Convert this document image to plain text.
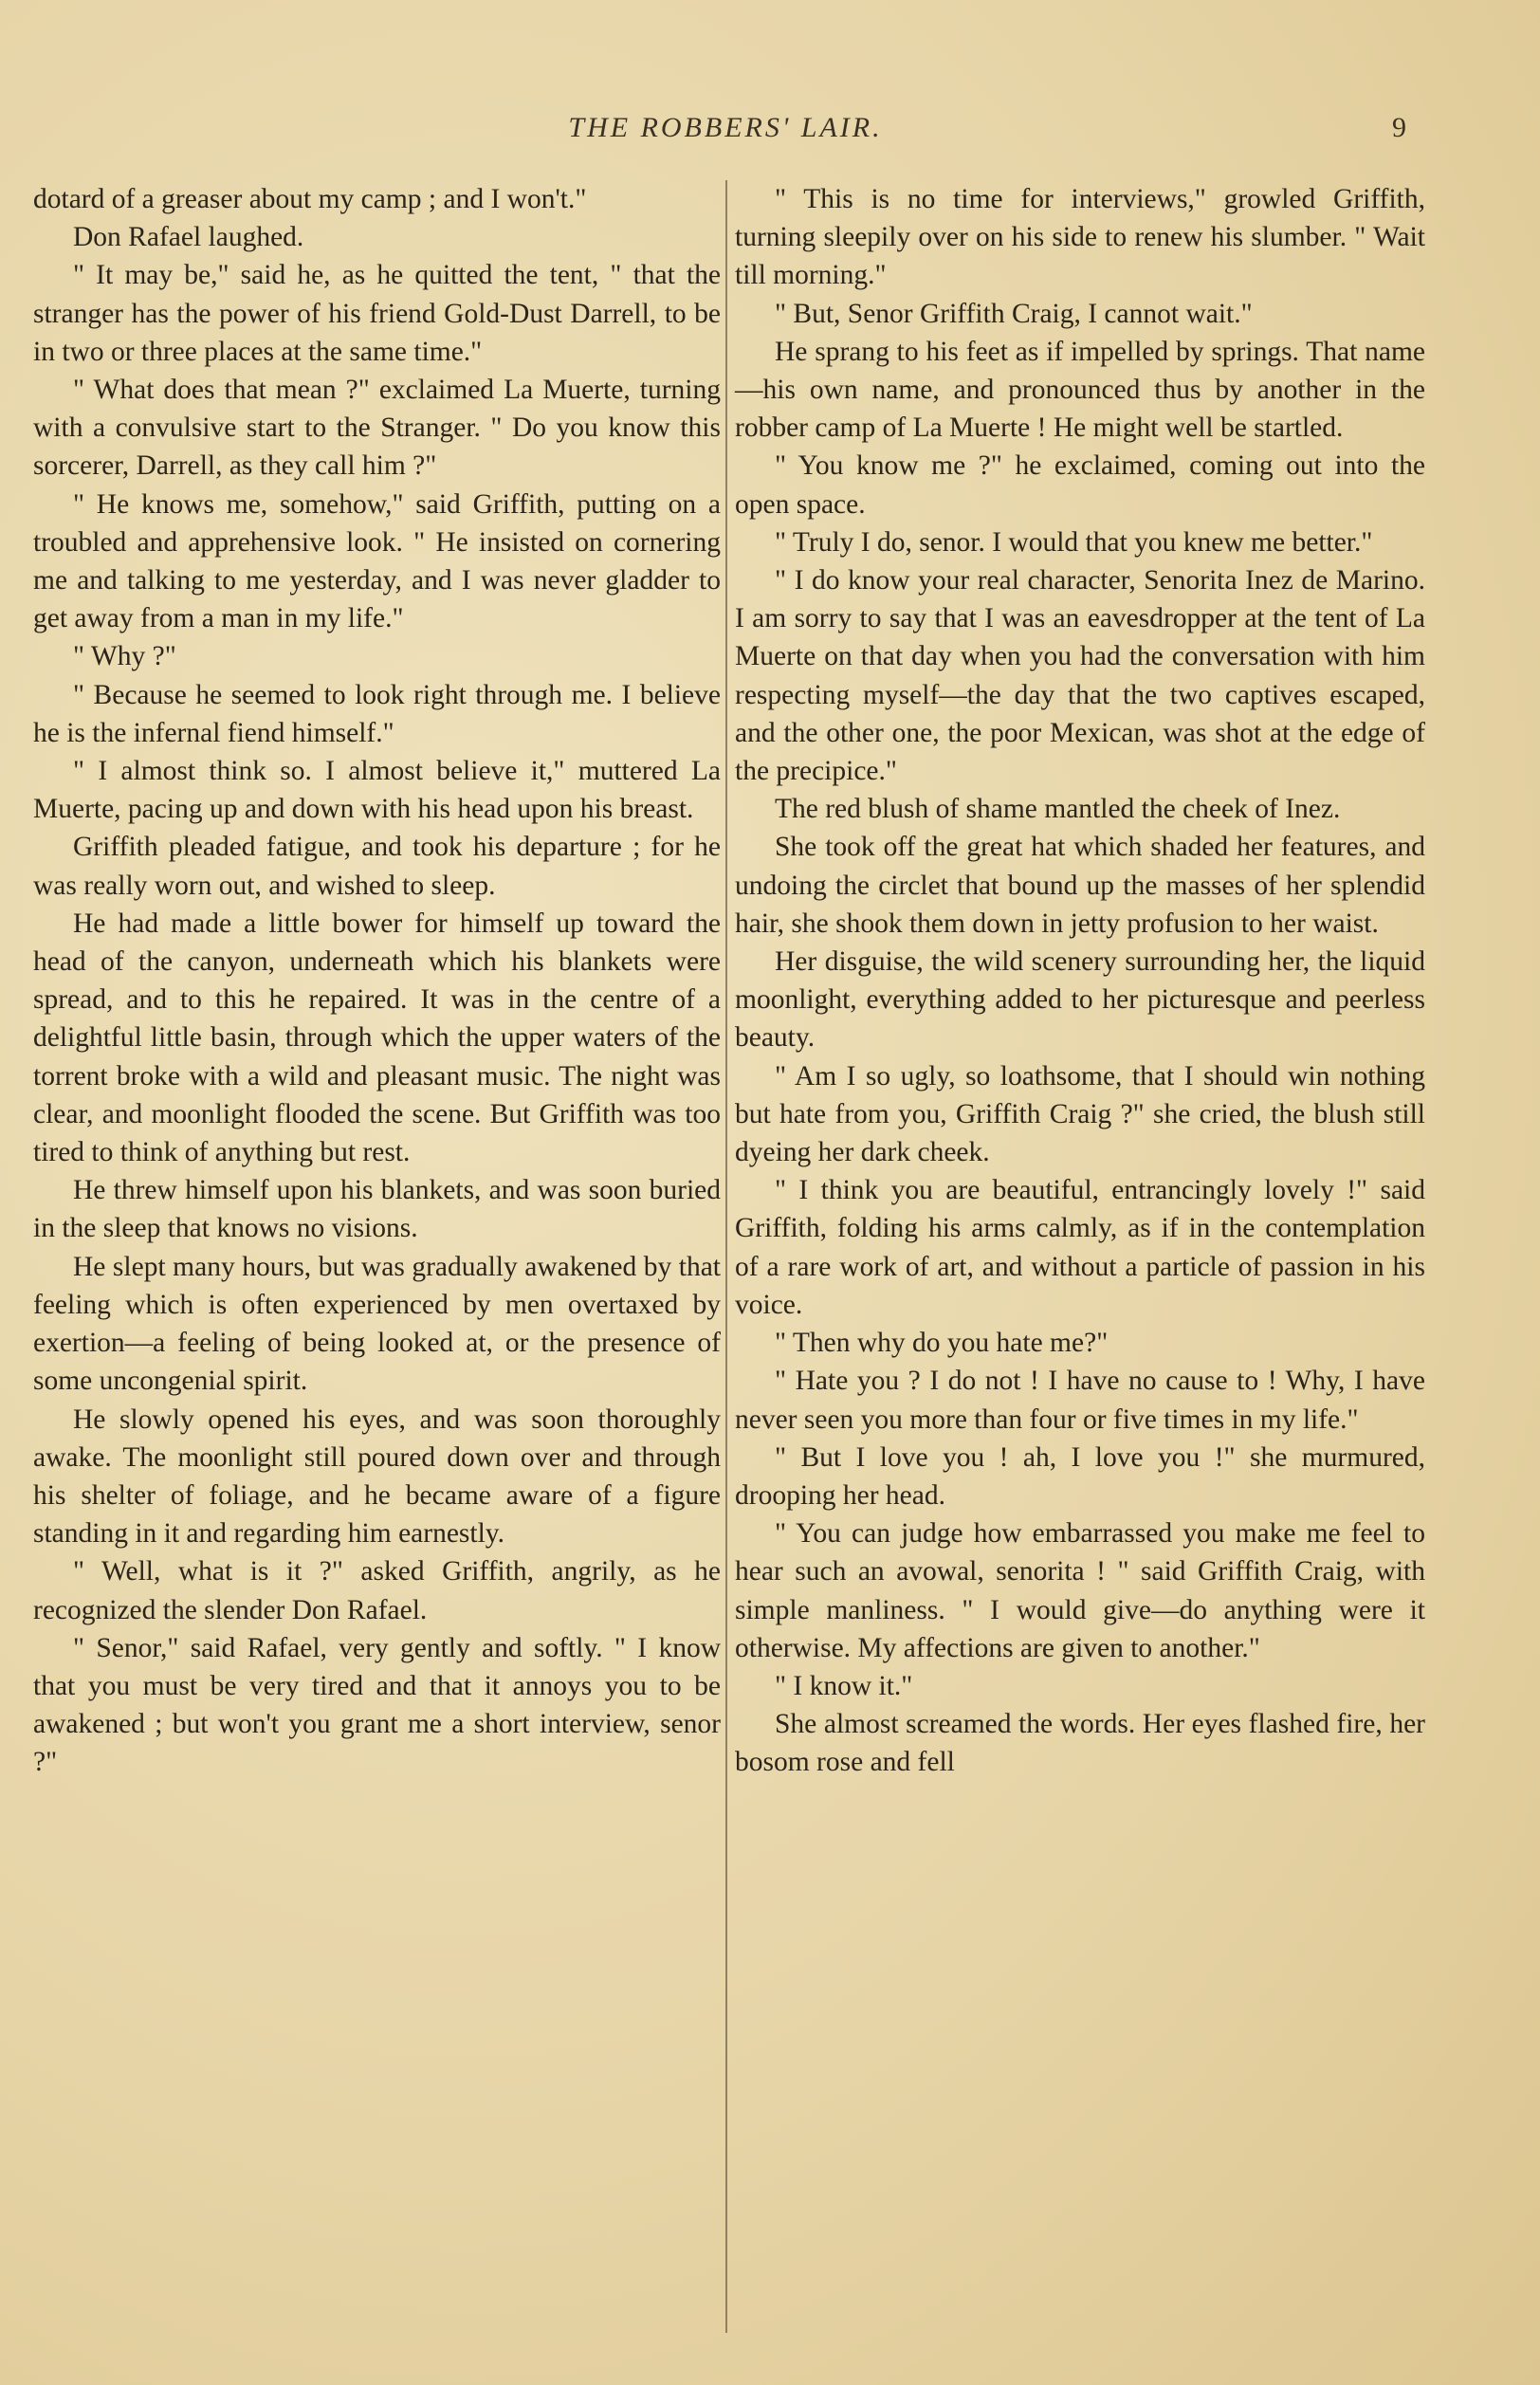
THE ROBBERS' LAIR.	9

dotard of a greaser about my camp ; and I won't."

Don Rafael laughed.

" It may be," said he, as he quitted the tent, " that the stranger has the power of his friend Gold-Dust Darrell, to be in two or three places at the same time."

" What does that mean ?" exclaimed La Muerte, turning with a convulsive start to the Stranger. " Do you know this sorcerer, Darrell, as they call him ?"

" He knows me, somehow," said Griffith, putting on a troubled and apprehensive look. " He insisted on cornering me and talking to me yesterday, and I was never gladder to get away from a man in my life."

" Why ?"

" Because he seemed to look right through me. I believe he is the infernal fiend himself."

" I almost think so. I almost believe it," muttered La Muerte, pacing up and down with his head upon his breast.

Griffith pleaded fatigue, and took his departure ; for he was really worn out, and wished to sleep.

He had made a little bower for himself up toward the head of the canyon, underneath which his blankets were spread, and to this he repaired. It was in the centre of a delightful little basin, through which the upper waters of the torrent broke with a wild and pleasant music. The night was clear, and moonlight flooded the scene. But Griffith was too tired to think of anything but rest.

He threw himself upon his blankets, and was soon buried in the sleep that knows no visions.

He slept many hours, but was gradually awakened by that feeling which is often experienced by men overtaxed by exertion—a feeling of being looked at, or the presence of some uncongenial spirit.

He slowly opened his eyes, and was soon thoroughly awake. The moonlight still poured down over and through his shelter of foliage, and he became aware of a figure standing in it and regarding him earnestly.

" Well, what is it ?" asked Griffith, angrily, as he recognized the slender Don Rafael.

" Senor," said Rafael, very gently and softly. " I know that you must be very tired and that it annoys you to be awakened ; but won't you grant me a short interview, senor ?"

" This is no time for interviews," growled Griffith, turning sleepily over on his side to renew his slumber. " Wait till morning."

" But, Senor Griffith Craig, I cannot wait."

He sprang to his feet as if impelled by springs. That name—his own name, and pronounced thus by another in the robber camp of La Muerte ! He might well be startled.

" You know me ?" he exclaimed, coming out into the open space.

" Truly I do, senor. I would that you knew me better."

" I do know your real character, Senorita Inez de Marino. I am sorry to say that I was an eavesdropper at the tent of La Muerte on that day when you had the conversation with him respecting myself—the day that the two captives escaped, and the other one, the poor Mexican, was shot at the edge of the precipice."

The red blush of shame mantled the cheek of Inez.

She took off the great hat which shaded her features, and undoing the circlet that bound up the masses of her splendid hair, she shook them down in jetty profusion to her waist.

Her disguise, the wild scenery surrounding her, the liquid moonlight, everything added to her picturesque and peerless beauty.

" Am I so ugly, so loathsome, that I should win nothing but hate from you, Griffith Craig ?" she cried, the blush still dyeing her dark cheek.

" I think you are beautiful, entrancingly lovely !" said Griffith, folding his arms calmly, as if in the contemplation of a rare work of art, and without a particle of passion in his voice.

" Then why do you hate me?"

" Hate you ? I do not ! I have no cause to ! Why, I have never seen you more than four or five times in my life."

" But I love you ! ah, I love you !" she murmured, drooping her head.

" You can judge how embarrassed you make me feel to hear such an avowal, senorita ! " said Griffith Craig, with simple manliness. " I would give—do anything were it otherwise. My affections are given to another."

" I know it."

She almost screamed the words. Her eyes flashed fire, her bosom rose and fell
